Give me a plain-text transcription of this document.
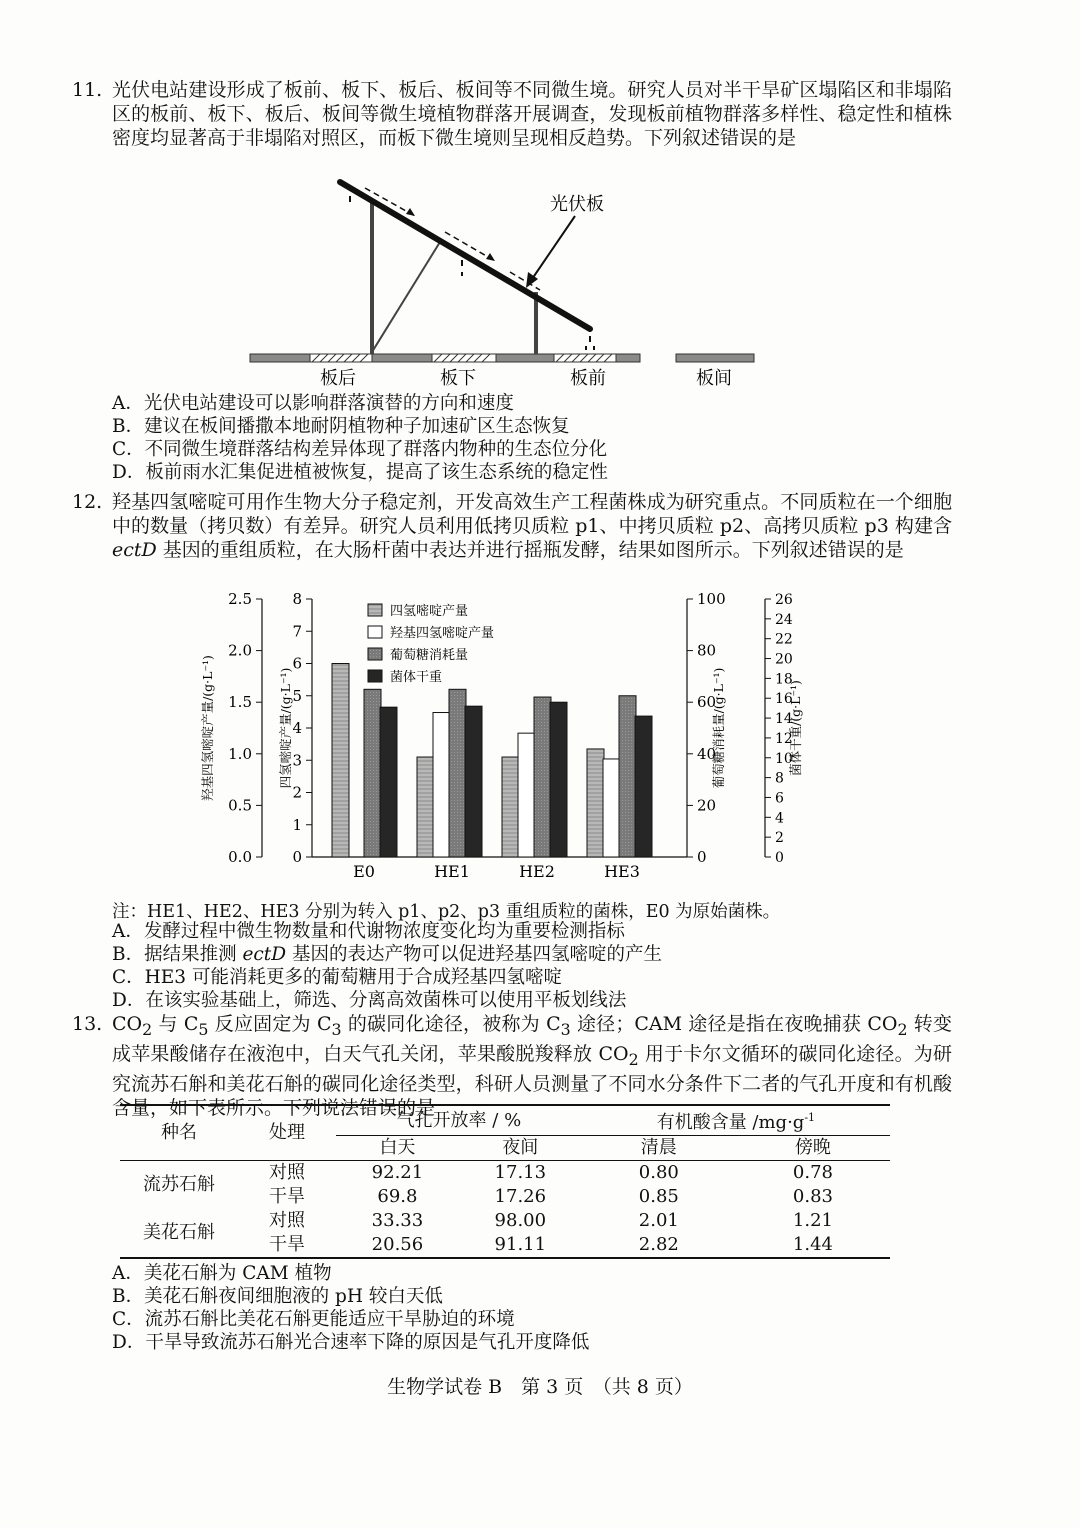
11. 光伏电站建设形成了板前、板下、板后、板间等不同微生境。研究人员对半干旱矿区塌陷区和非塌陷区的板前、板下、板后、板间等微生境植物群落开展调查，发现板前植物群落多样性、稳定性和植株密度均显著高于非塌陷对照区，而板下微生境则呈现相反趋势。下列叙述错误的是
光伏板
板后	板下	板前	板间
A．光伏电站建设可以影响群落演替的方向和速度
B．建议在板间播撒本地耐阴植物种子加速矿区生态恢复
C．不同微生境群落结构差异体现了群落内物种的生态位分化
D．板前雨水汇集促进植被恢复，提高了该生态系统的稳定性
12. 羟基四氢嘧啶可用作生物大分子稳定剂，开发高效生产工程菌株成为研究重点。不同质粒在一个细胞中的数量（拷贝数）有差异。研究人员利用低拷贝质粒 p1、中拷贝质粒 p2、高拷贝质粒 p3 构建含 ectD 基因的重组质粒，在大肠杆菌中表达并进行摇瓶发酵，结果如图所示。下列叙述错误的是
0.0
0.5
1.0
1.5
2.0
2.5
0
1
2
3
4
5
6
7
8
0
20
40
60
80
100
0
2
4
6
8
10
12
14
16
18
20
22
24
26
羟基四氢嘧啶产量/(g·L⁻¹)	四氢嘧啶产量/(g·L⁻¹)	葡萄糖消耗量/(g·L⁻¹)	菌体干重/(g·L⁻¹)
E0	HE1	HE2	HE3
四氢嘧啶产量
羟基四氢嘧啶产量
葡萄糖消耗量
菌体干重
注：HE1、HE2、HE3 分别为转入 p1、p2、p3 重组质粒的菌株，E0 为原始菌株。
A．发酵过程中微生物数量和代谢物浓度变化均为重要检测指标
B．据结果推测 ectD 基因的表达产物可以促进羟基四氢嘧啶的产生
C．HE3 可能消耗更多的葡萄糖用于合成羟基四氢嘧啶
D．在该实验基础上，筛选、分离高效菌株可以使用平板划线法
13. $CO_2$ 与 $C_5$ 反应固定为 $C_3$ 的碳同化途径，被称为 $C_3$ 途径；CAM 途径是指在夜晚捕获 $CO_2$ 转变成苹果酸储存在液泡中，白天气孔关闭，苹果酸脱羧释放 $CO_2$ 用于卡尔文循环的碳同化途径。为研究流苏石斛和美花石斛的碳同化途径类型，科研人员测量了不同水分条件下二者的气孔开度和有机酸含量，如下表所示。下列说法错误的是
种名	处理	气孔开放率 / %		有机酸含量 $/mg\cdot g^{-1}$
		白天	夜间	清晨	傍晚
流苏石斛	对照	92.21	17.13	0.80	0.78
	干旱	69.8	17.26	0.85	0.83
美花石斛	对照	33.33	98.00	2.01	1.21
	干旱	20.56	91.11	2.82	1.44
A．美花石斛为 CAM 植物
B．美花石斛夜间细胞液的 pH 较白天低
C．流苏石斛比美花石斛更能适应干旱胁迫的环境
D．干旱导致流苏石斛光合速率下降的原因是气孔开度降低
生物学试卷 B　第 3 页　（共 8 页）
